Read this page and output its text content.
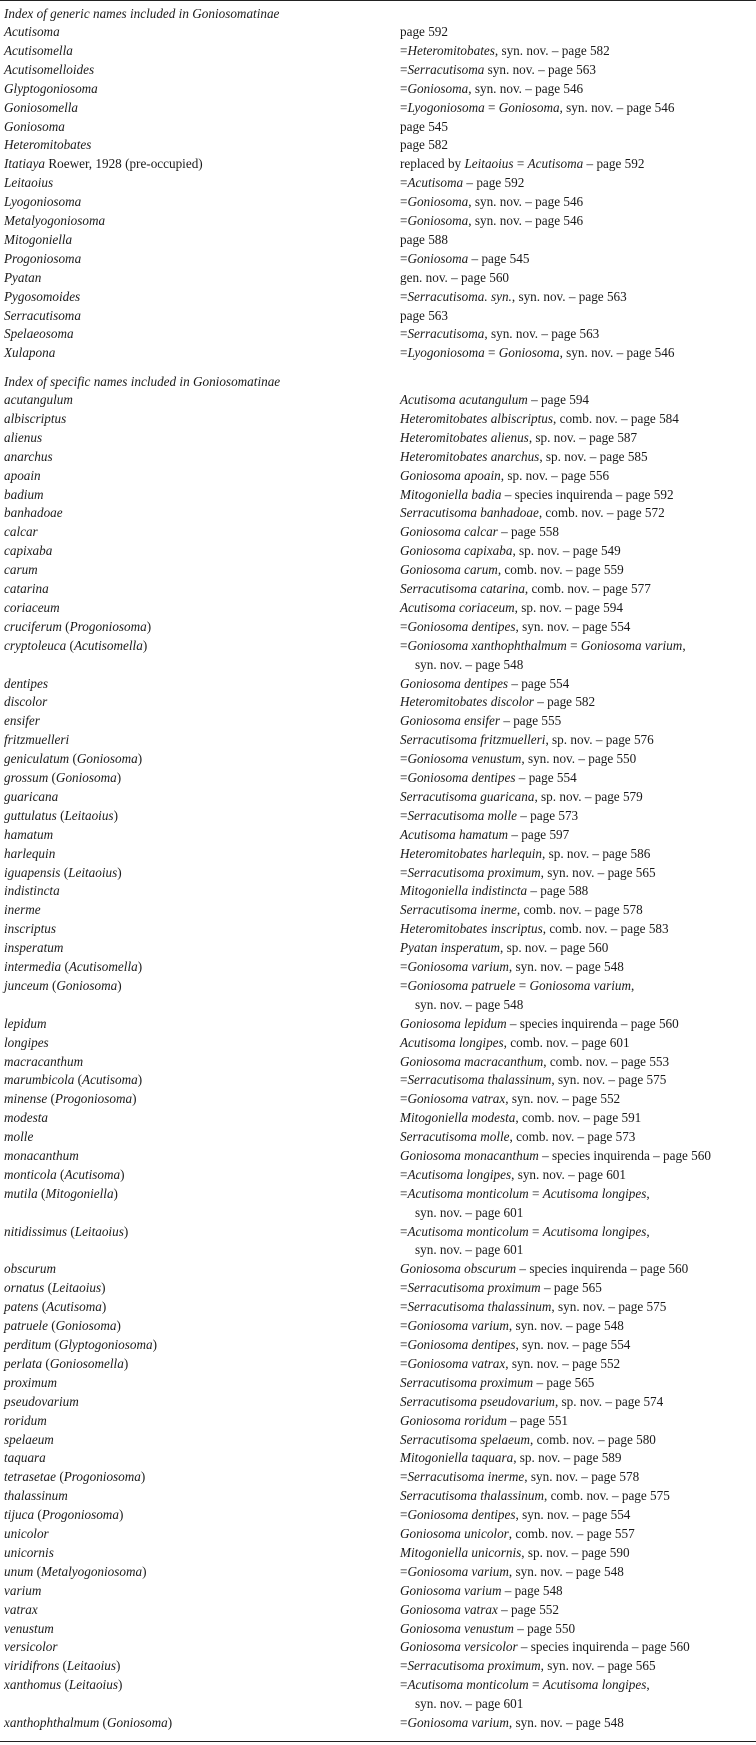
Index of generic names included in Goniosomatinae
Acutisoma	page 592
Acutisomella	=Heteromitobates, syn. nov. – page 582
Acutisomelloides	=Serracutisoma syn. nov. – page 563
Glyptogoniosoma	=Goniosoma, syn. nov. – page 546
Goniosomella	=Lyogoniosoma = Goniosoma, syn. nov. – page 546
Goniosoma	page 545
Heteromitobates	page 582
Itatiaya Roewer, 1928 (pre-occupied)	replaced by Leitaoius = Acutisoma – page 592
Leitaoius	=Acutisoma – page 592
Lyogoniosoma	=Goniosoma, syn. nov. – page 546
Metalyogoniosoma	=Goniosoma, syn. nov. – page 546
Mitogoniella	page 588
Progoniosoma	=Goniosoma – page 545
Pyatan	gen. nov. – page 560
Pygosomoides	=Serracutisoma. syn., syn. nov. – page 563
Serracutisoma	page 563
Spelaeosoma	=Serracutisoma, syn. nov. – page 563
Xulapona	=Lyogoniosoma = Goniosoma, syn. nov. – page 546
Index of specific names included in Goniosomatinae
acutangulum	Acutisoma acutangulum – page 594
albiscriptus	Heteromitobates albiscriptus, comb. nov. – page 584
alienus	Heteromitobates alienus, sp. nov. – page 587
anarchus	Heteromitobates anarchus, sp. nov. – page 585
apoain	Goniosoma apoain, sp. nov. – page 556
badium	Mitogoniella badia – species inquirenda – page 592
banhadoae	Serracutisoma banhadoae, comb. nov. – page 572
calcar	Goniosoma calcar – page 558
capixaba	Goniosoma capixaba, sp. nov. – page 549
carum	Goniosoma carum, comb. nov. – page 559
catarina	Serracutisoma catarina, comb. nov. – page 577
coriaceum	Acutisoma coriaceum, sp. nov. – page 594
cruciferum (Progoniosoma)	=Goniosoma dentipes, syn. nov. – page 554
cryptoleuca (Acutisomella)	=Goniosoma xanthophthalmum = Goniosoma varium,
syn. nov. – page 548
dentipes	Goniosoma dentipes – page 554
discolor	Heteromitobates discolor – page 582
ensifer	Goniosoma ensifer – page 555
fritzmuelleri	Serracutisoma fritzmuelleri, sp. nov. – page 576
geniculatum (Goniosoma)	=Goniosoma venustum, syn. nov. – page 550
grossum (Goniosoma)	=Goniosoma dentipes – page 554
guaricana	Serracutisoma guaricana, sp. nov. – page 579
guttulatus (Leitaoius)	=Serracutisoma molle – page 573
hamatum	Acutisoma hamatum – page 597
harlequin	Heteromitobates harlequin, sp. nov. – page 586
iguapensis (Leitaoius)	=Serracutisoma proximum, syn. nov. – page 565
indistincta	Mitogoniella indistincta – page 588
inerme	Serracutisoma inerme, comb. nov. – page 578
inscriptus	Heteromitobates inscriptus, comb. nov. – page 583
insperatum	Pyatan insperatum, sp. nov. – page 560
intermedia (Acutisomella)	=Goniosoma varium, syn. nov. – page 548
junceum (Goniosoma)	=Goniosoma patruele = Goniosoma varium,
syn. nov. – page 548
lepidum	Goniosoma lepidum – species inquirenda – page 560
longipes	Acutisoma longipes, comb. nov. – page 601
macracanthum	Goniosoma macracanthum, comb. nov. – page 553
marumbicola (Acutisoma)	=Serracutisoma thalassinum, syn. nov. – page 575
minense (Progoniosoma)	=Goniosoma vatrax, syn. nov. – page 552
modesta	Mitogoniella modesta, comb. nov. – page 591
molle	Serracutisoma molle, comb. nov. – page 573
monacanthum	Goniosoma monacanthum – species inquirenda – page 560
monticola (Acutisoma)	=Acutisoma longipes, syn. nov. – page 601
mutila (Mitogoniella)	=Acutisoma monticolum = Acutisoma longipes,
syn. nov. – page 601
nitidissimus (Leitaoius)	=Acutisoma monticolum = Acutisoma longipes,
syn. nov. – page 601
obscurum	Goniosoma obscurum – species inquirenda – page 560
ornatus (Leitaoius)	=Serracutisoma proximum – page 565
patens (Acutisoma)	=Serracutisoma thalassinum, syn. nov. – page 575
patruele (Goniosoma)	=Goniosoma varium, syn. nov. – page 548
perditum (Glyptogoniosoma)	=Goniosoma dentipes, syn. nov. – page 554
perlata (Goniosomella)	=Goniosoma vatrax, syn. nov. – page 552
proximum	Serracutisoma proximum – page 565
pseudovarium	Serracutisoma pseudovarium, sp. nov. – page 574
roridum	Goniosoma roridum – page 551
spelaeum	Serracutisoma spelaeum, comb. nov. – page 580
taquara	Mitogoniella taquara, sp. nov. – page 589
tetrasetae (Progoniosoma)	=Serracutisoma inerme, syn. nov. – page 578
thalassinum	Serracutisoma thalassinum, comb. nov. – page 575
tijuca (Progoniosoma)	=Goniosoma dentipes, syn. nov. – page 554
unicolor	Goniosoma unicolor, comb. nov. – page 557
unicornis	Mitogoniella unicornis, sp. nov. – page 590
unum (Metalyogoniosoma)	=Goniosoma varium, syn. nov. – page 548
varium	Goniosoma varium – page 548
vatrax	Goniosoma vatrax – page 552
venustum	Goniosoma venustum – page 550
versicolor	Goniosoma versicolor – species inquirenda – page 560
viridifrons (Leitaoius)	=Serracutisoma proximum, syn. nov. – page 565
xanthomus (Leitaoius)	=Acutisoma monticolum = Acutisoma longipes,
syn. nov. – page 601
xanthophthalmum (Goniosoma)	=Goniosoma varium, syn. nov. – page 548
